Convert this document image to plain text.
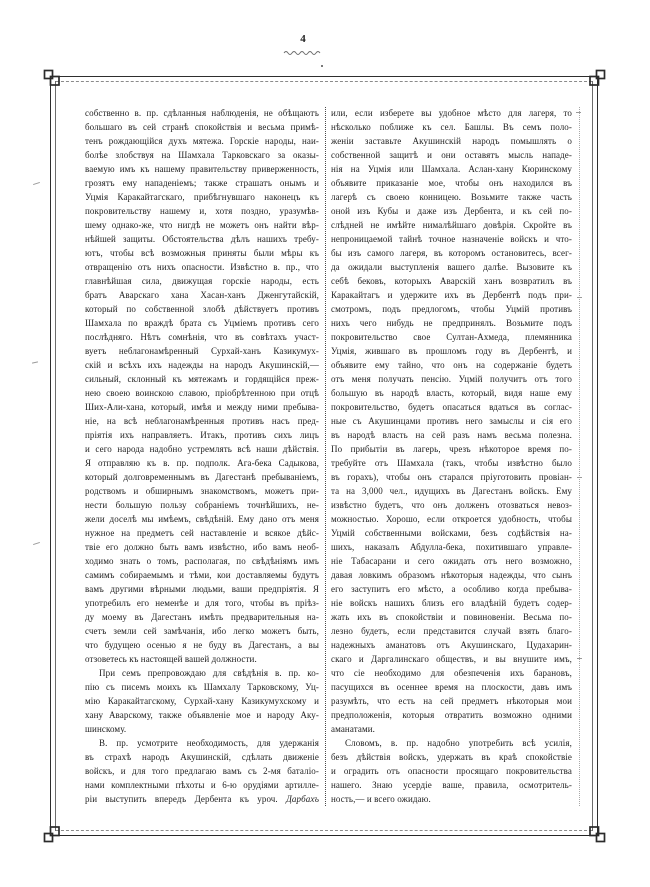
4
собственно в. пр. сдѣланныя наблюденія, не обѣщаютъ
большаго въ сей странѣ спокойствія и весьма примѣ-
тенъ рождающійся духъ мятежа. Горскіе народы, наи-
болѣе злобствуя на Шамхала Тарковскаго за оказы-
ваемую имъ къ нашему правительству приверженность,
грозятъ ему нападеніемъ; также страшатъ онымъ и
Уцмія Каракайтагскаго, прибѣгнувшаго наконецъ къ
покровительству нашему и, хотя поздно, уразумѣв-
шему однако-же, что нигдѣ не можетъ онъ найти вѣр-
нѣйшей защиты. Обстоятельства дѣлъ нашихъ требу-
ютъ, чтобы всѣ возможныя приняты были мѣры къ
отвращенію отъ нихъ опасности. Извѣстно в. пр., что
главнѣйшая сила, движущая горскіе народы, есть
братъ Аварскаго хана Хасан-ханъ Дженгутайскій,
который по собственной злобѣ дѣйствуетъ противъ
Шамхала по враждѣ брата съ Уцміемъ противъ сего
послѣдняго. Нѣтъ сомнѣнія, что въ совѣтахъ участ-
вуетъ неблагонамѣренный Сурхай-ханъ Казикумух-
скій и всѣхъ ихъ надежды на народъ Акушинскій,—
сильный, склонный къ мятежамъ и гордящійся преж-
нею своею воинскою славою, пріобрѣтенною при отцѣ
Ших-Али-хана, который, имѣя и между ними пребыва-
ніе, на всѣ неблагонамѣренныя противъ насъ пред-
пріятія ихъ направляетъ. Итакъ, противъ сихъ лицъ
и сего народа надобно устремлять всѣ наши дѣйствія.
Я отправляю къ в. пр. подполк. Ага-бека Садыкова,
который долговременнымъ въ Дагестанѣ пребываніемъ,
родствомъ и обширнымъ знакомствомъ, можетъ при-
нести большую пользу собраніемъ точнѣйшихъ, не-
жели доселѣ мы имѣемъ, свѣдѣній. Ему дано отъ меня
нужное на предметъ сей наставленіе и всякое дѣйс-
твіе его должно быть вамъ извѣстно, ибо вамъ необ-
ходимо знать о томъ, располагая, по свѣдѣніямъ имъ
самимъ собираемымъ и тѣми, кои доставляемы будутъ
вамъ другими вѣрными людьми, ваши предпріятія. Я
употребилъ его неменѣе и для того, чтобы въ пріѣз-
ду моему въ Дагестанъ имѣть предварительныя на-
счетъ земли сей замѣчанія, ибо легко можетъ быть,
что будущею осенью я не буду въ Дагестанъ, а вы
отзоветесь къ настоящей вашей должности.
При семъ препровождаю для свѣдѣнія в. пр. ко-
пію съ писемъ моихъ къ Шамхалу Тарковскому, Уц-
мію Каракайтагскому, Сурхай-хану Казикумухскому и
хану Аварскому, также объявленіе мое и народу Аку-
шинскому.
В. пр. усмотрите необходимость, для удержанія
въ страхѣ народъ Акушинскій, сдѣлать движеніе
войскъ, и для того предлагаю вамъ съ 2-мя баталіо-
нами комплектными пѣхоты и 6-ю орудіями артилле-
ріи выступить впередъ Дербента къ уроч. Дарбахъ
или, если изберете вы удобное мѣсто для лагеря, то
нѣсколько поближе къ сел. Башлы. Въ семъ поло-
женіи заставьте Акушинскій народъ помышлять о
собственной защитѣ и они оставятъ мысль нападе-
нія на Уцмія или Шамхала. Аслан-хану Кюринскому
объявите приказаніе мое, чтобы онъ находился въ
лагерѣ съ своею конницею. Возьмите также часть
оной изъ Кубы и даже изъ Дербента, и къ сей по-
слѣдней не имѣйте нималѣйшаго довѣрія. Скройте въ
непроницаемой тайнѣ точное назначеніе войскъ и что-
бы изъ самого лагеря, въ которомъ остановитесь, всег-
да ожидали выступленія вашего далѣе. Вызовите къ
себѣ бековъ, которыхъ Аварскій ханъ возвратилъ въ
Каракайтагъ и удержите ихъ въ Дербентѣ подъ при-
смотромъ, подъ предлогомъ, чтобы Уцмій противъ
нихъ чего нибудь не предпринялъ. Возьмите подъ
покровительство свое Султан-Ахмеда, племянника
Уцмія, жившаго въ прошломъ году въ Дербентѣ, и
объявите ему тайно, что онъ на содержаніе будетъ
отъ меня получать пенсію. Уцмій получитъ отъ того
большую въ народѣ власть, который, видя наше ему
покровительство, будетъ опасаться вдаться въ соглас-
ные съ Акушинцами противъ него замыслы и сія его
въ народѣ власть на сей разъ намъ весьма полезна.
По прибытіи въ лагерь, чрезъ нѣкоторое время по-
требуйте отъ Шамхала (такъ, чтобы извѣстно было
въ горахъ), чтобы онъ старался пріуготовить провіан-
та на 3,000 чел., идущихъ въ Дагестанъ войскъ. Ему
извѣстно будетъ, что онъ долженъ отозваться невоз-
можностью. Хорошо, если откроется удобность, чтобы
Уцмій собственными войсками, безъ содѣйствія на-
шихъ, наказалъ Абдулла-бека, похитившаго управле-
ніе Табасарани и сего ожидать отъ него возможно,
давая ловкимъ образомъ нѣкоторыя надежды, что сынъ
его заступитъ его мѣсто, а особливо когда пребыва-
ніе войскъ нашихъ близъ его владѣній будетъ содер-
жать ихъ въ спокойствіи и повиновеніи. Весьма по-
лезно будетъ, если представится случай взять благо-
надежныхъ аманатовъ отъ Акушинскаго, Цудахарин-
скаго и Даргалинскаго обществъ, и вы внушите имъ,
что сіе необходимо для обезпеченія ихъ барановъ,
пасущихся въ осеннее время на плоскости, давъ имъ
разумѣть, что есть на сей предметъ нѣкоторыя мои
предположенія, которыя отвратить возможно одними
аманатами.
Словомъ, в. пр. надобно употребить всѣ усилія,
безъ дѣйствія войскъ, удержать въ краѣ спокойствіе
и оградить отъ опасности просящаго покровительства
нашего. Знаю усердіе ваше, правила, осмотритель-
ность,— и всего ожидаю.
